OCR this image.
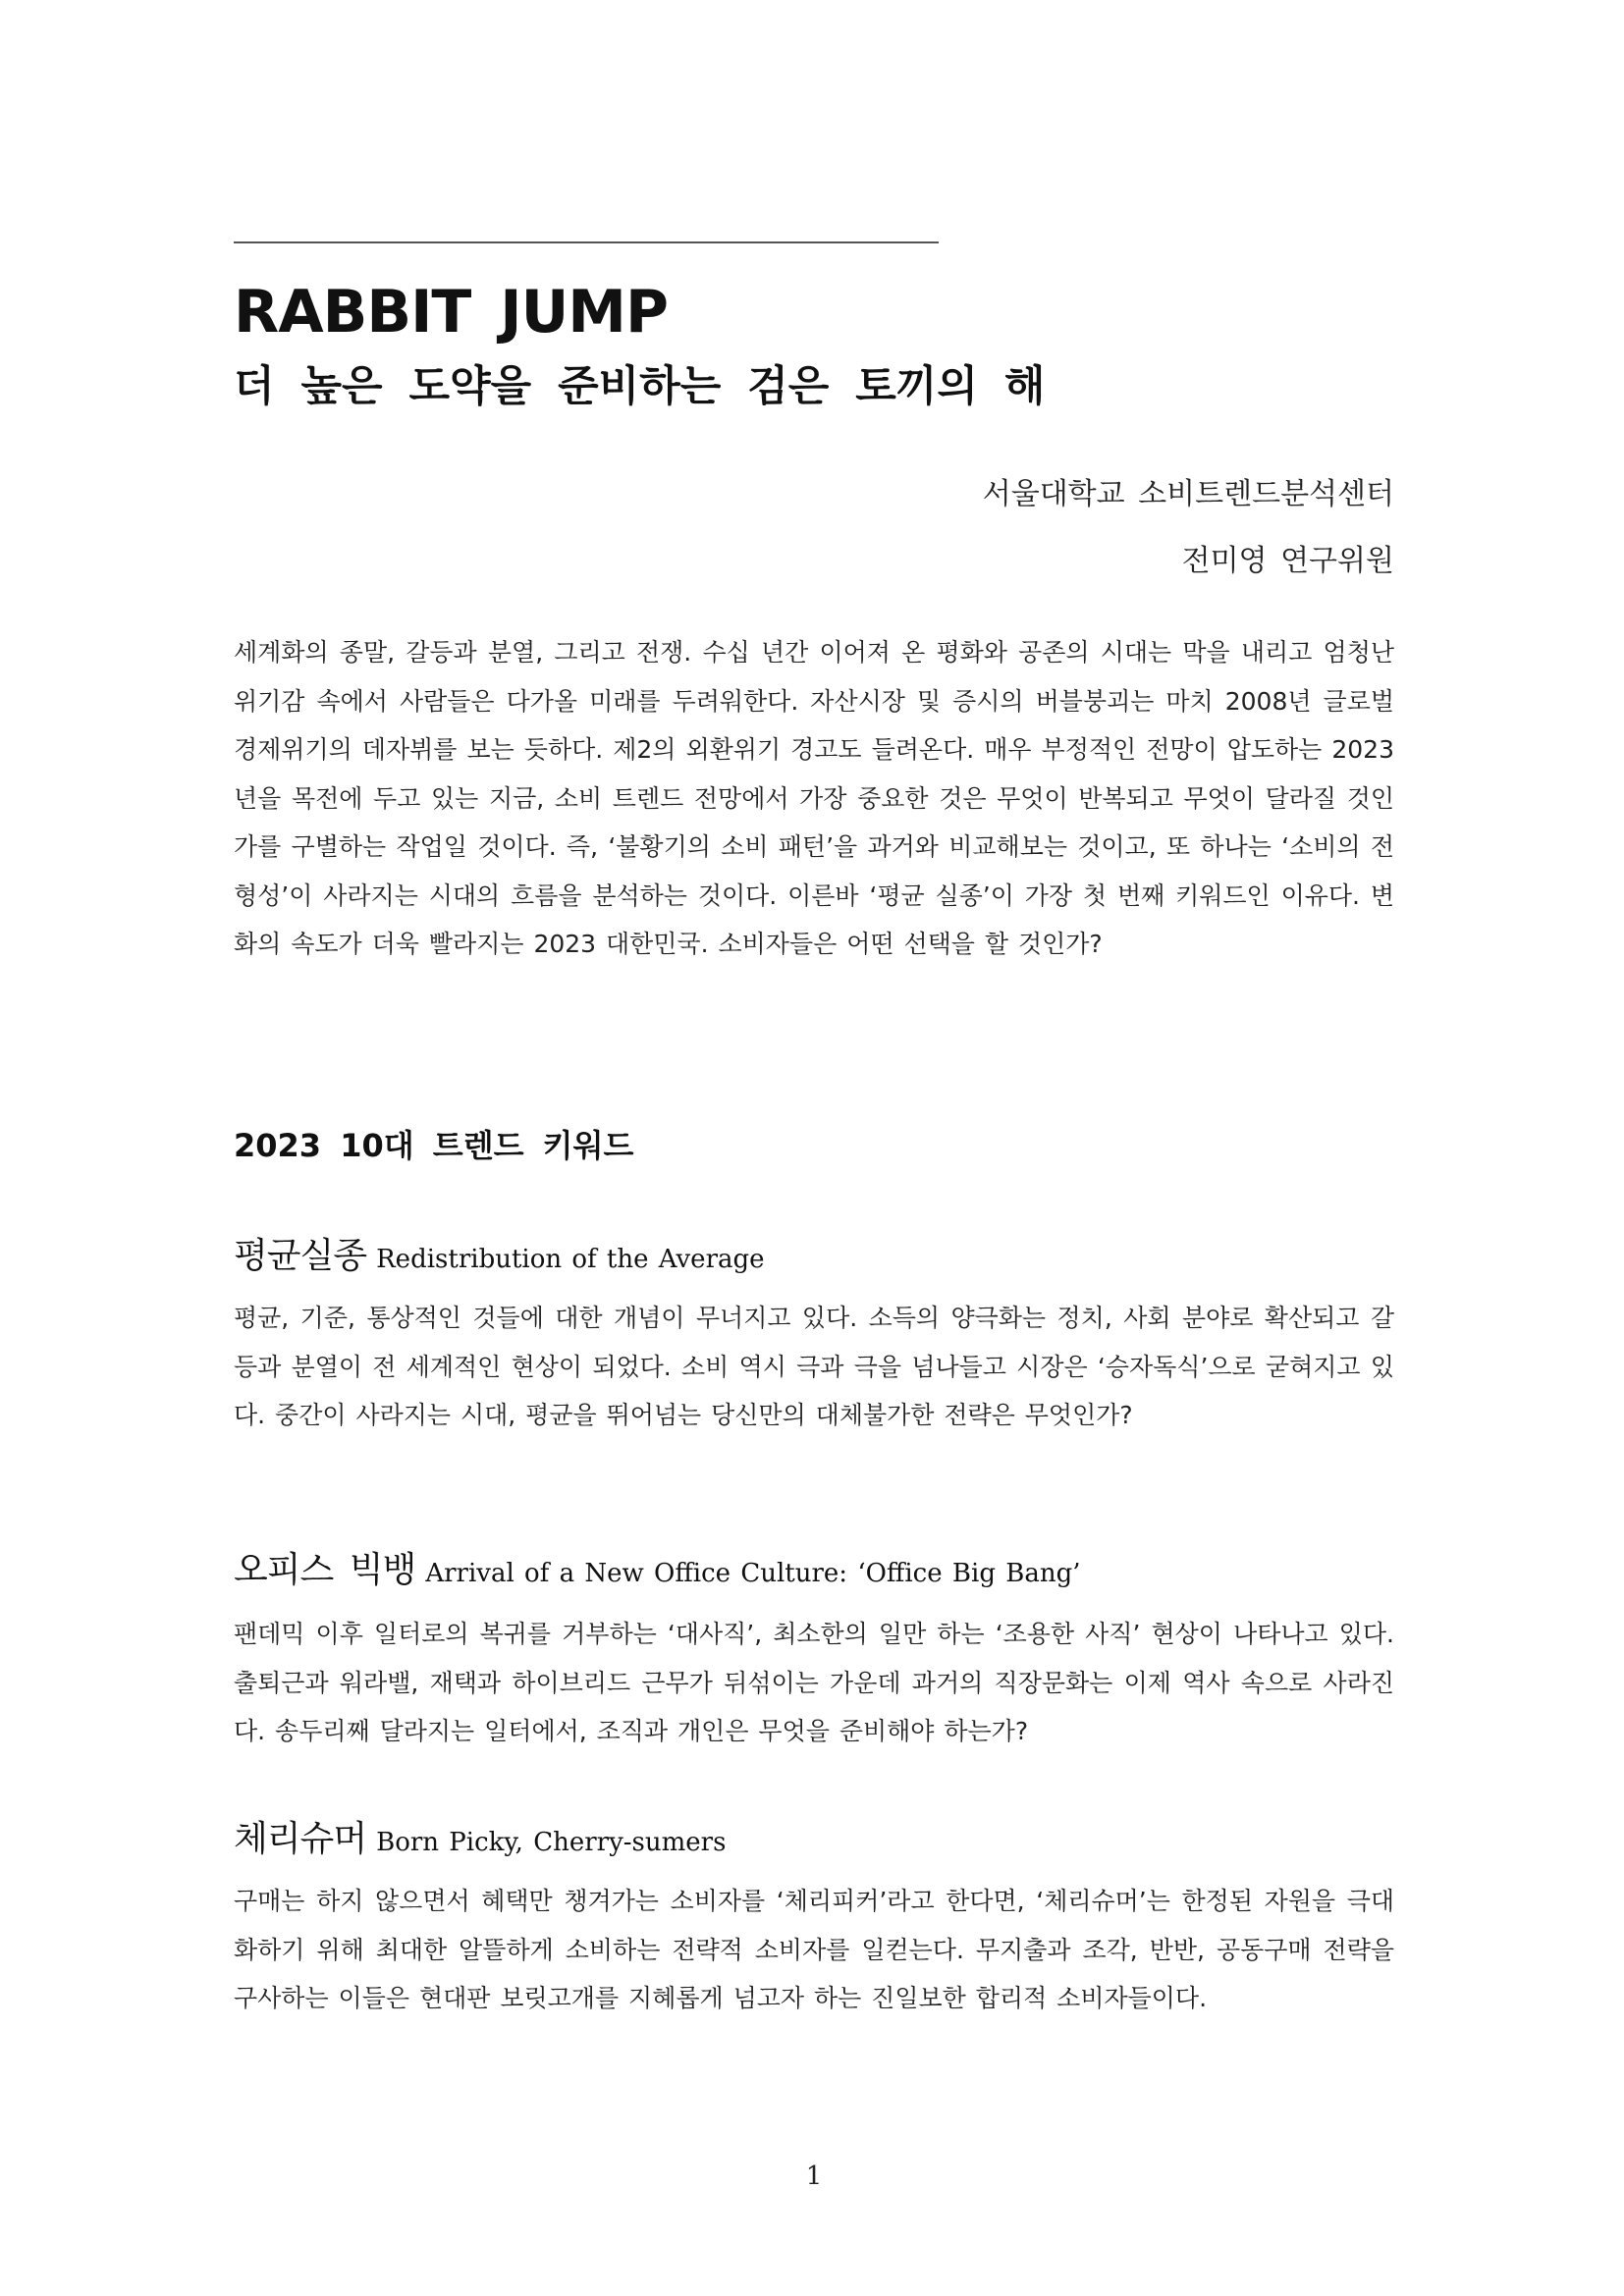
RABBIT JUMP
더 높은 도약을 준비하는 검은 토끼의 해
서울대학교 소비트렌드분석센터
전미영 연구위원

세계화의 종말, 갈등과 분열, 그리고 전쟁. 수십 년간 이어져 온 평화와 공존의 시대는 막을 내리고 엄청난 위기감 속에서 사람들은 다가올 미래를 두려워한다. 자산시장 및 증시의 버블붕괴는 마치 2008년 글로벌 경제위기의 데자뷔를 보는 듯하다. 제2의 외환위기 경고도 들려온다. 매우 부정적인 전망이 압도하는 2023년을 목전에 두고 있는 지금, 소비 트렌드 전망에서 가장 중요한 것은 무엇이 반복되고 무엇이 달라질 것인가를 구별하는 작업일 것이다. 즉, ‘불황기의 소비 패턴’을 과거와 비교해보는 것이고, 또 하나는 ‘소비의 전형성’이 사라지는 시대의 흐름을 분석하는 것이다. 이른바 ‘평균 실종’이 가장 첫 번째 키워드인 이유다. 변화의 속도가 더욱 빨라지는 2023 대한민국. 소비자들은 어떤 선택을 할 것인가?

2023 10대 트렌드 키워드
평균실종 Redistribution of the Average

평균, 기준, 통상적인 것들에 대한 개념이 무너지고 있다. 소득의 양극화는 정치, 사회 분야로 확산되고 갈등과 분열이 전 세계적인 현상이 되었다. 소비 역시 극과 극을 넘나들고 시장은 ‘승자독식’으로 굳혀지고 있다. 중간이 사라지는 시대, 평균을 뛰어넘는 당신만의 대체불가한 전략은 무엇인가?

오피스 빅뱅 Arrival of a New Office Culture: ‘Office Big Bang’

팬데믹 이후 일터로의 복귀를 거부하는 ‘대사직’, 최소한의 일만 하는 ‘조용한 사직’ 현상이 나타나고 있다. 출퇴근과 워라밸, 재택과 하이브리드 근무가 뒤섞이는 가운데 과거의 직장문화는 이제 역사 속으로 사라진다. 송두리째 달라지는 일터에서, 조직과 개인은 무엇을 준비해야 하는가?

체리슈머 Born Picky, Cherry-sumers

구매는 하지 않으면서 혜택만 챙겨가는 소비자를 ‘체리피커’라고 한다면, ‘체리슈머’는 한정된 자원을 극대화하기 위해 최대한 알뜰하게 소비하는 전략적 소비자를 일컫는다. 무지출과 조각, 반반, 공동구매 전략을 구사하는 이들은 현대판 보릿고개를 지혜롭게 넘고자 하는 진일보한 합리적 소비자들이다.

1
